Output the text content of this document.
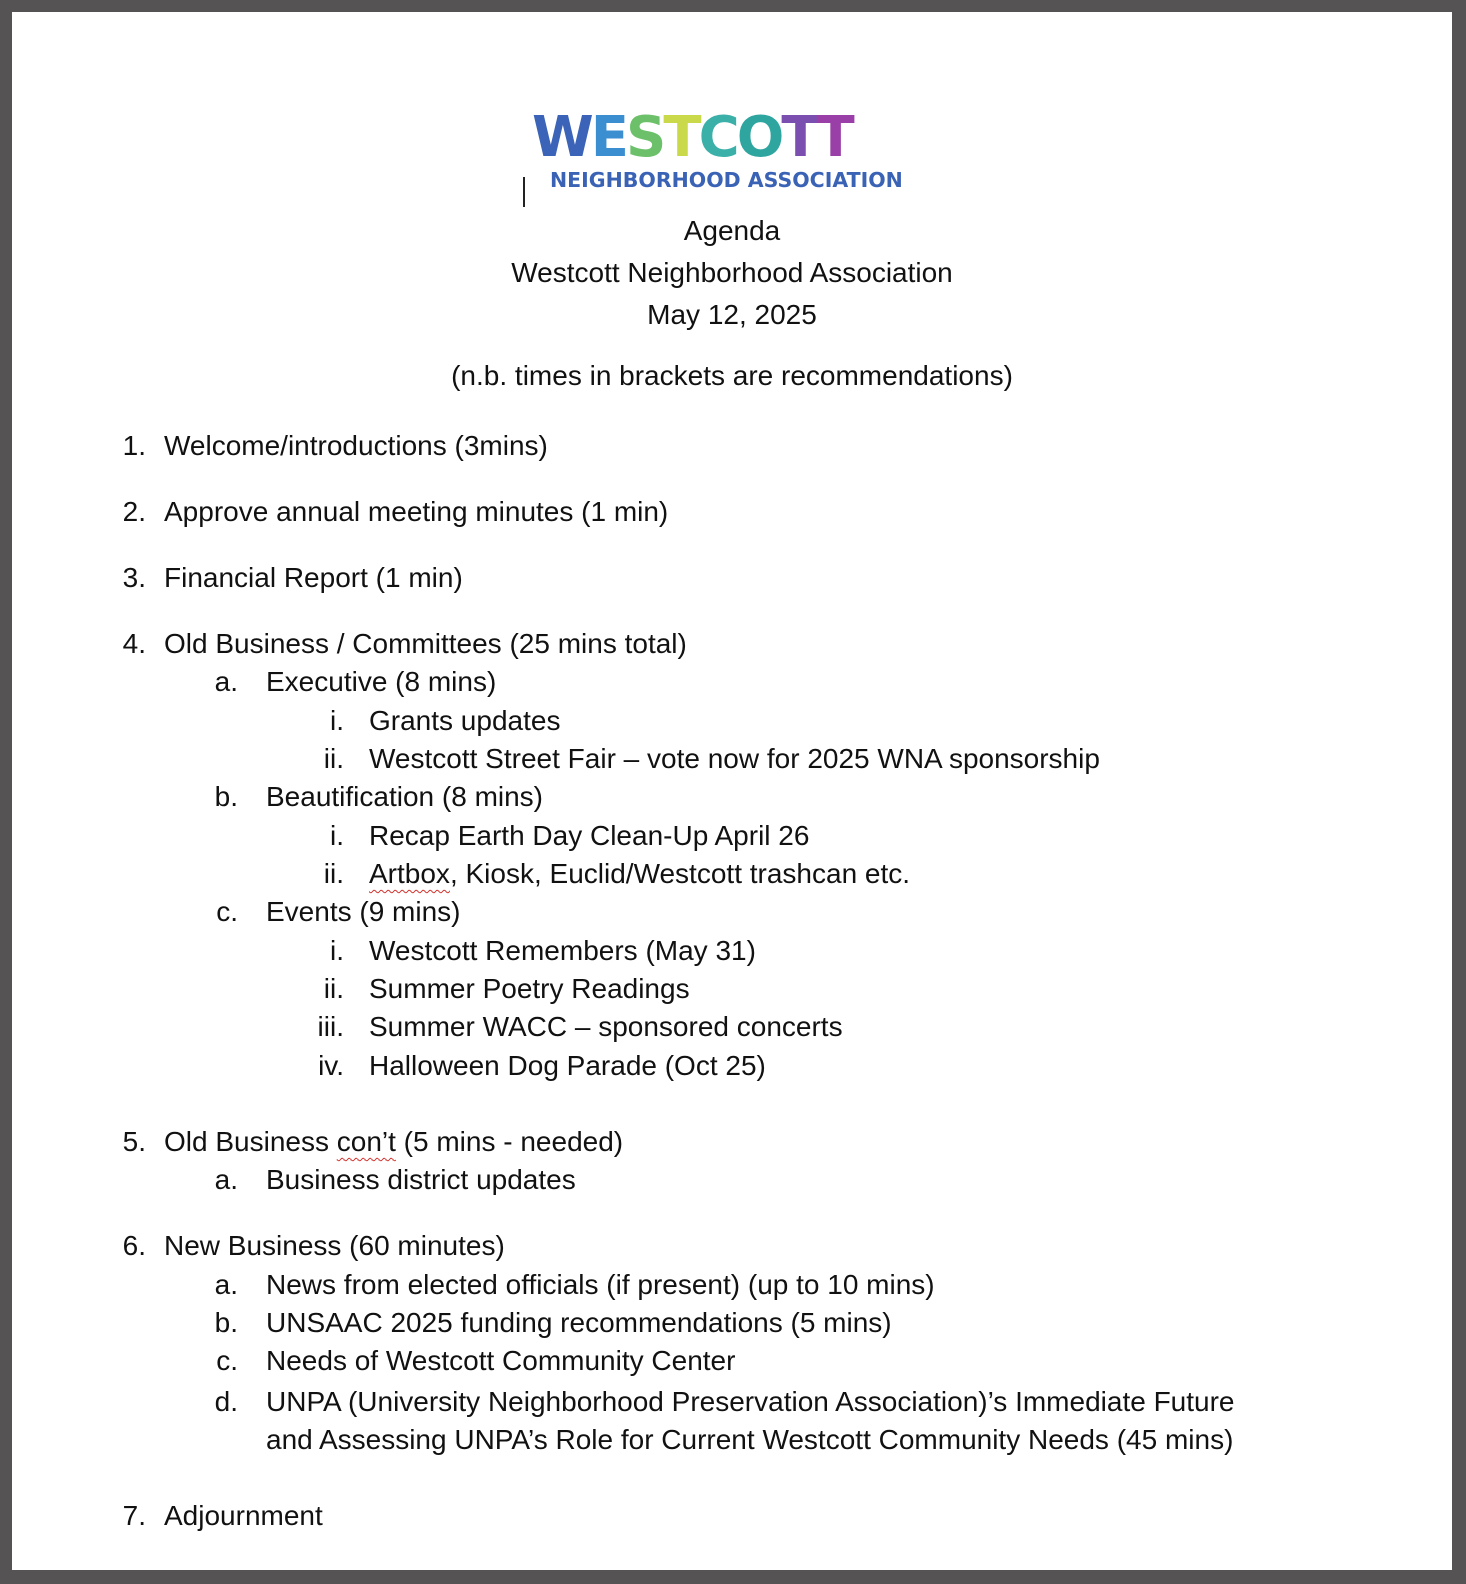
WESTCOTT
NEIGHBORHOOD ASSOCIATION
Agenda
Westcott Neighborhood Association
May 12, 2025
(n.b. times in brackets are recommendations)
1. Welcome/introductions (3mins)
2. Approve annual meeting minutes (1 min)
3. Financial Report (1 min)
4. Old Business / Committees (25 mins total)
a. Executive (8 mins)
i. Grants updates
ii. Westcott Street Fair – vote now for 2025 WNA sponsorship
b. Beautification (8 mins)
i. Recap Earth Day Clean-Up April 26
ii. Artbox, Kiosk, Euclid/Westcott trashcan etc.
c. Events (9 mins)
i. Westcott Remembers (May 31)
ii. Summer Poetry Readings
iii. Summer WACC – sponsored concerts
iv. Halloween Dog Parade (Oct 25)
5. Old Business con’t (5 mins - needed)
a. Business district updates
6. New Business (60 minutes)
a. News from elected officials (if present) (up to 10 mins)
b. UNSAAC 2025 funding recommendations (5 mins)
c. Needs of Westcott Community Center
d. UNPA (University Neighborhood Preservation Association)’s Immediate Future
and Assessing UNPA’s Role for Current Westcott Community Needs (45 mins)
7. Adjournment
